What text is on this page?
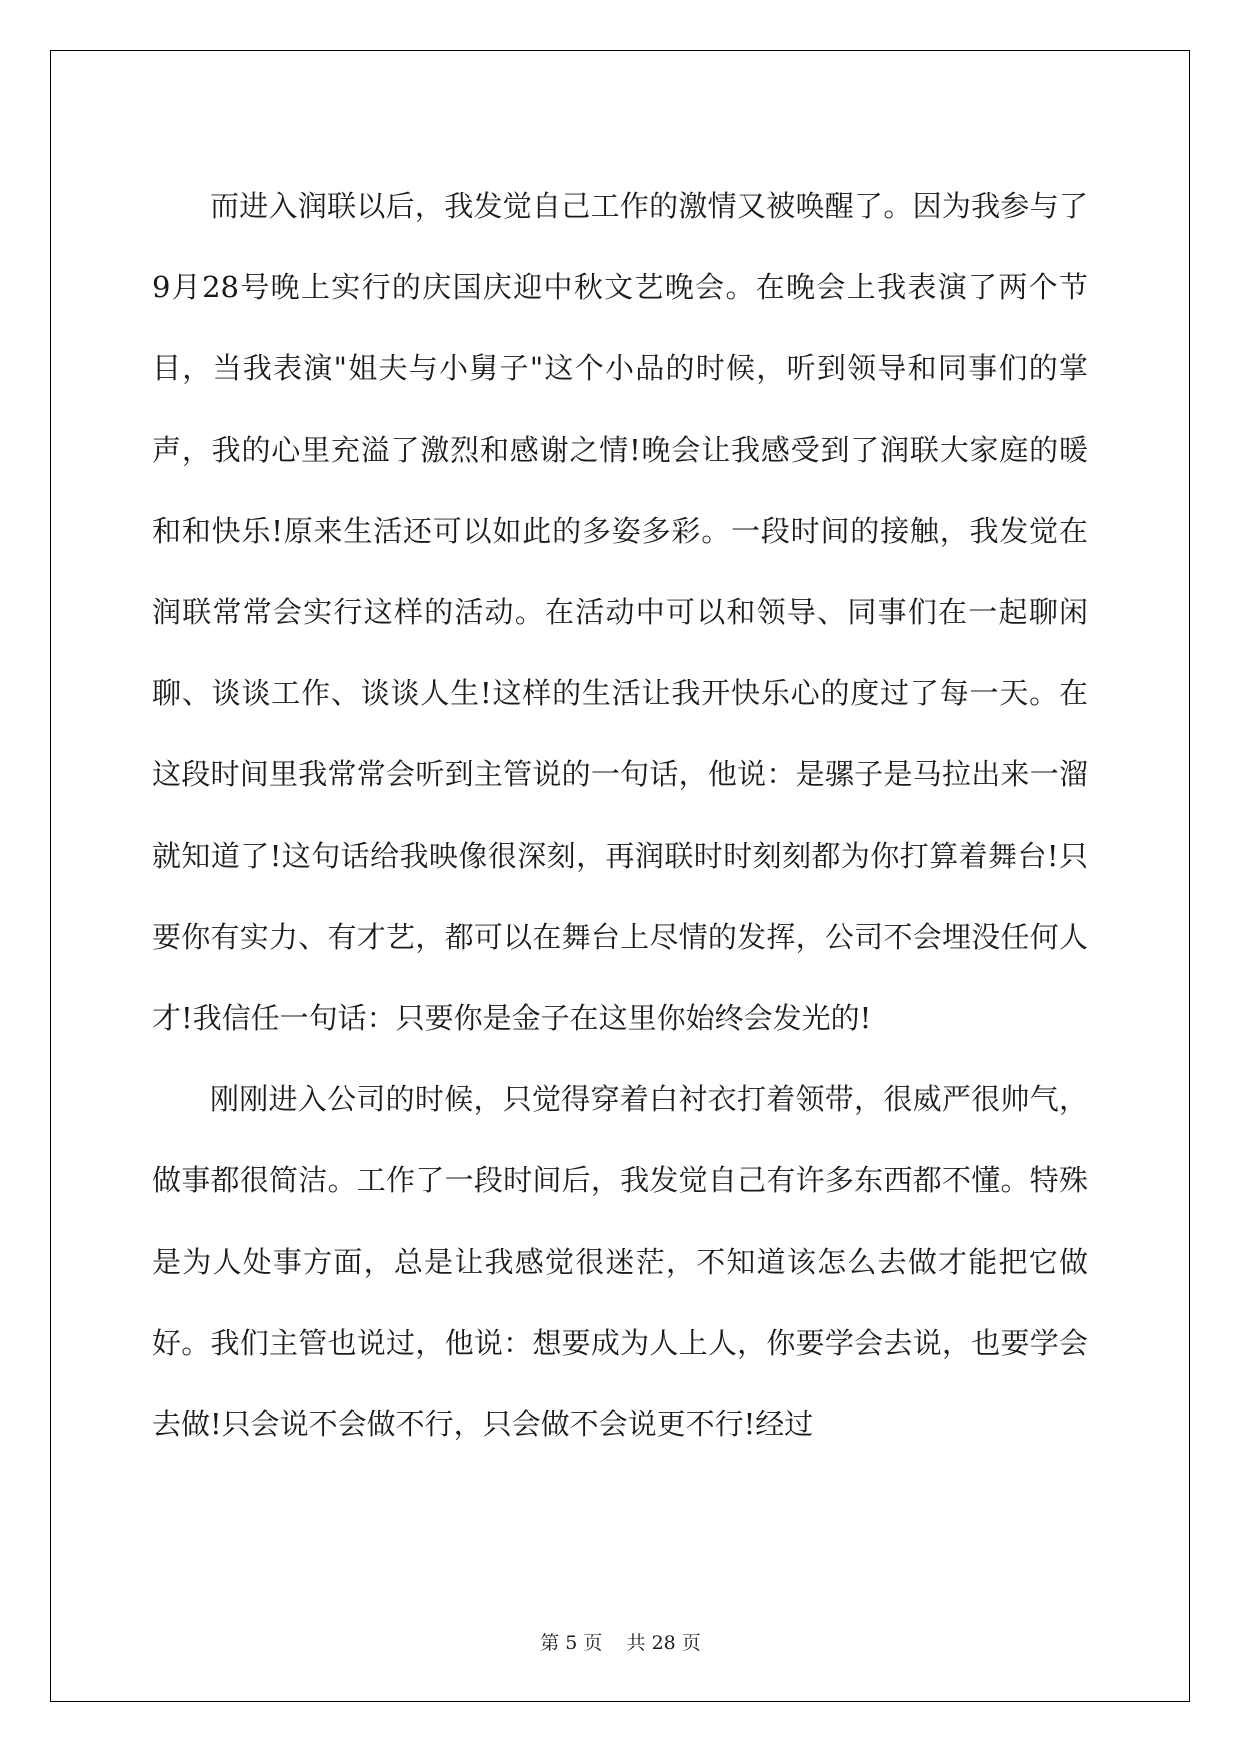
而进入润联以后，我发觉自己工作的激情又被唤醒了。因为我参与了9月28号晚上实行的庆国庆迎中秋文艺晚会。在晚会上我表演了两个节目，当我表演"姐夫与小舅子"这个小品的时候，听到领导和同事们的掌声，我的心里充溢了激烈和感谢之情!晚会让我感受到了润联大家庭的暖和和快乐!原来生活还可以如此的多姿多彩。一段时间的接触，我发觉在润联常常会实行这样的活动。在活动中可以和领导、同事们在一起聊闲聊、谈谈工作、谈谈人生!这样的生活让我开快乐心的度过了每一天。在这段时间里我常常会听到主管说的一句话，他说：是骡子是马拉出来一溜就知道了!这句话给我映像很深刻，再润联时时刻刻都为你打算着舞台!只要你有实力、有才艺，都可以在舞台上尽情的发挥，公司不会埋没任何人才!我信任一句话：只要你是金子在这里你始终会发光的!

刚刚进入公司的时候，只觉得穿着白衬衣打着领带，很威严很帅气，做事都很简洁。工作了一段时间后，我发觉自己有许多东西都不懂。特殊是为人处事方面，总是让我感觉很迷茫，不知道该怎么去做才能把它做好。我们主管也说过，他说：想要成为人上人，你要学会去说，也要学会去做!只会说不会做不行，只会做不会说更不行!经过

第 5 页 共 28 页
